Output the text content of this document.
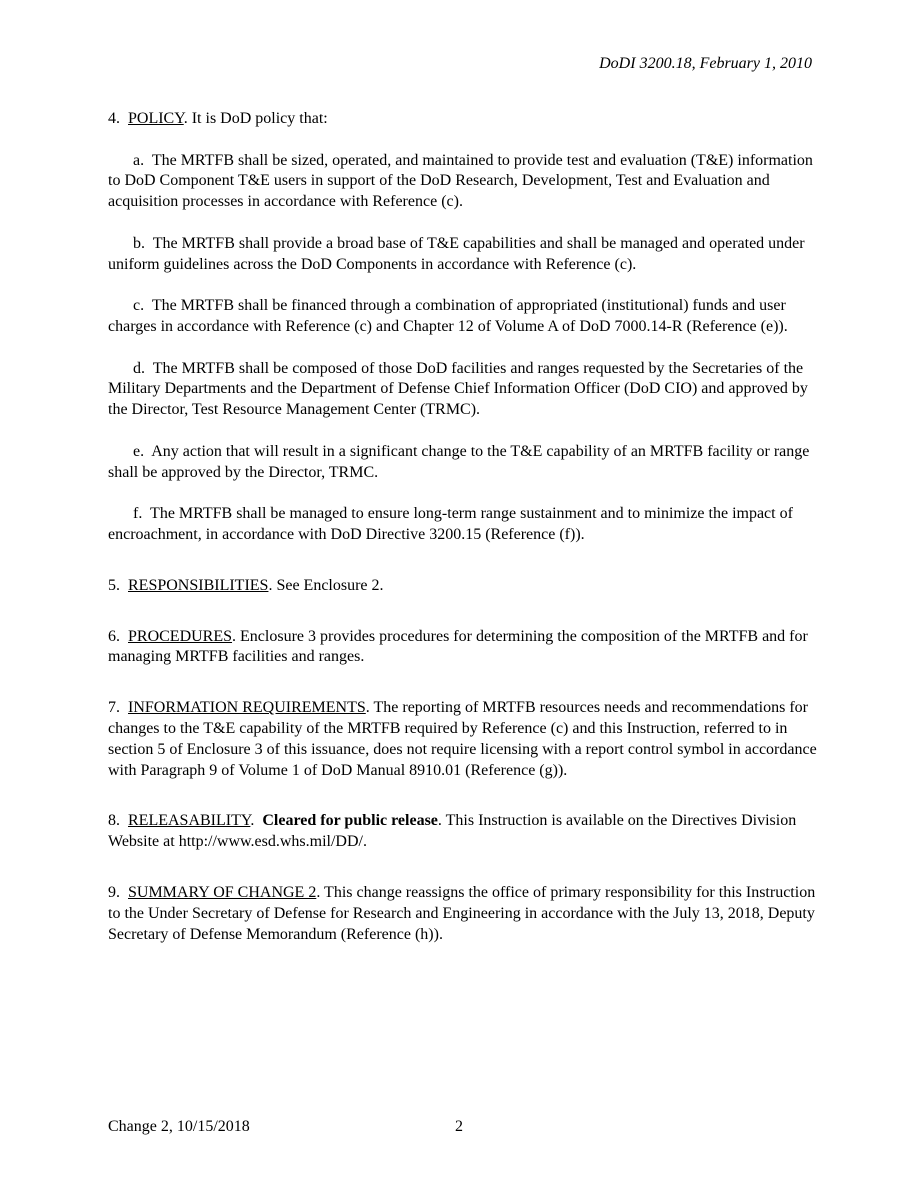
DoDI 3200.18, February 1, 2010

4. POLICY. It is DoD policy that:

a. The MRTFB shall be sized, operated, and maintained to provide test and evaluation (T&E) information to DoD Component T&E users in support of the DoD Research, Development, Test and Evaluation and acquisition processes in accordance with Reference (c).

b. The MRTFB shall provide a broad base of T&E capabilities and shall be managed and operated under uniform guidelines across the DoD Components in accordance with Reference (c).

c. The MRTFB shall be financed through a combination of appropriated (institutional) funds and user charges in accordance with Reference (c) and Chapter 12 of Volume A of DoD 7000.14-R (Reference (e)).

d. The MRTFB shall be composed of those DoD facilities and ranges requested by the Secretaries of the Military Departments and the Department of Defense Chief Information Officer (DoD CIO) and approved by the Director, Test Resource Management Center (TRMC).

e. Any action that will result in a significant change to the T&E capability of an MRTFB facility or range shall be approved by the Director, TRMC.

f. The MRTFB shall be managed to ensure long-term range sustainment and to minimize the impact of encroachment, in accordance with DoD Directive 3200.15 (Reference (f)).

5. RESPONSIBILITIES. See Enclosure 2.

6. PROCEDURES. Enclosure 3 provides procedures for determining the composition of the MRTFB and for managing MRTFB facilities and ranges.

7. INFORMATION REQUIREMENTS. The reporting of MRTFB resources needs and recommendations for changes to the T&E capability of the MRTFB required by Reference (c) and this Instruction, referred to in section 5 of Enclosure 3 of this issuance, does not require licensing with a report control symbol in accordance with Paragraph 9 of Volume 1 of DoD Manual 8910.01 (Reference (g)).

8. RELEASABILITY.  Cleared for public release. This Instruction is available on the Directives Division Website at http://www.esd.whs.mil/DD/.

9. SUMMARY OF CHANGE 2. This change reassigns the office of primary responsibility for this Instruction to the Under Secretary of Defense for Research and Engineering in accordance with the July 13, 2018, Deputy Secretary of Defense Memorandum (Reference (h)).

Change 2, 10/15/2018	2
